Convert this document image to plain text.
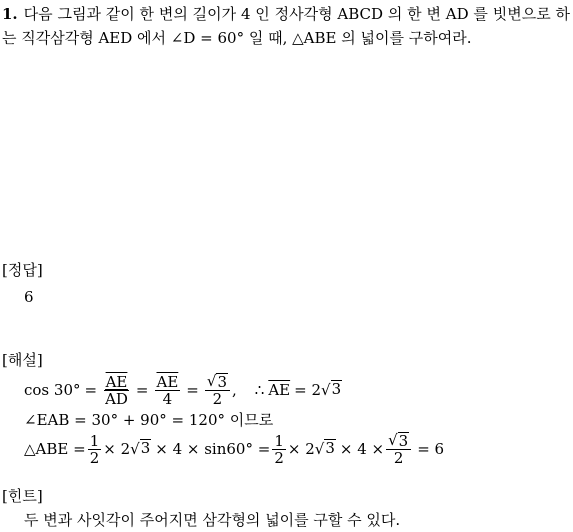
1. 다음 그림과 같이 한 변의 길이가 4 인 정사각형 ABCD 의 한 변 AD 를 빗변으로 하는 직각삼각형 AED 에서 ∠D = 60° 일 때, △ABE 의 넓이를 구하여라.
[정답]
6
[해설]
$\cos 30^\circ = \frac{\overline{AE}}{AD} = \frac{\overline{AE}}{4} = \frac{√ 3}{2}$ , ∴ $\overline{AE} = 2$ √ 3
∠EAB = 30° + 90° = 120° 이므로
△ABE = $\frac{1}{2} \times 2$ √ $3 \times 4 \times \sin 60^\circ = \frac{1}{2} \times 2$ √ $3 \times 4 \times \frac{√ 3}{2} = 6$
[힌트]
두 변과 사잇각이 주어지면 삼각형의 넓이를 구할 수 있다.
